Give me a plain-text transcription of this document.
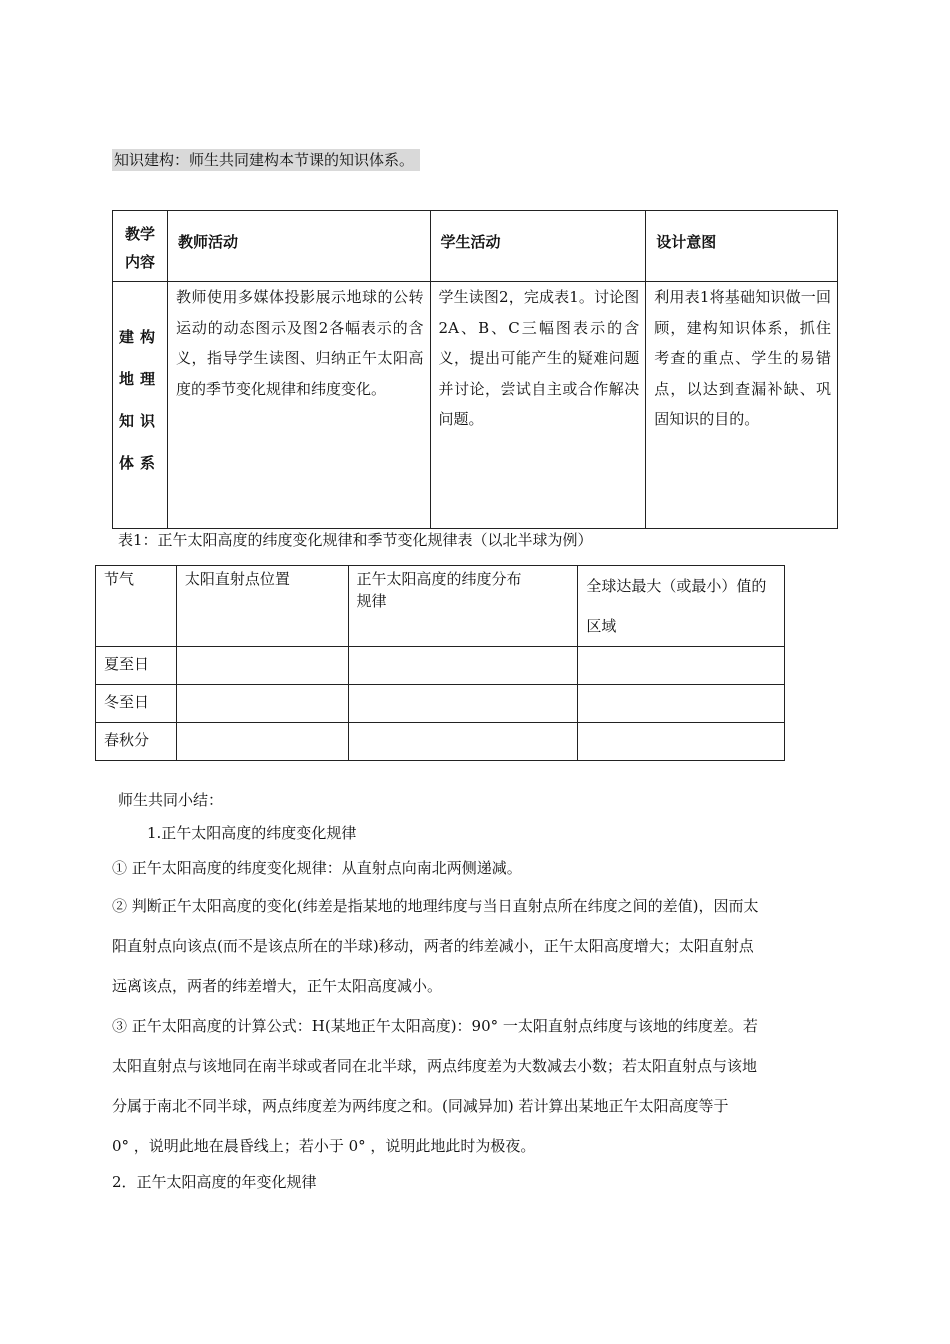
知识建构：师生共同建构本节课的知识体系。
教学内容	教师活动	学生活动	设计意图

建构
地理
知识
体系	教师使用多媒体投影展示地球的公转运动的动态图示及图2各幅表示的含义，指导学生读图、归纳正午太阳高度的季节变化规律和纬度变化。	学生读图2，完成表1。讨论图2A、B、C三幅图表示的含义，提出可能产生的疑难问题并讨论，尝试自主或合作解决问题。	利用表1将基础知识做一回顾，建构知识体系，抓住考查的重点、学生的易错点，以达到查漏补缺、巩固知识的目的。
表1：正午太阳高度的纬度变化规律和季节变化规律表（以北半球为例）
节气	太阳直射点位置	正午太阳高度的纬度分布规律	全球达最大（或最小）值的区域
夏至日			
冬至日			
春秋分			
师生共同小结：
1.正午太阳高度的纬度变化规律
① 正午太阳高度的纬度变化规律：从直射点向南北两侧递减。
② 判断正午太阳高度的变化(纬差是指某地的地理纬度与当日直射点所在纬度之间的差值)，因而太
阳直射点向该点(而不是该点所在的半球)移动，两者的纬差减小，正午太阳高度增大；太阳直射点
远离该点，两者的纬差增大，正午太阳高度减小。
③ 正午太阳高度的计算公式：H(某地正午太阳高度)：90° 一太阳直射点纬度与该地的纬度差。若
太阳直射点与该地同在南半球或者同在北半球，两点纬度差为大数减去小数；若太阳直射点与该地
分属于南北不同半球，两点纬度差为两纬度之和。(同减异加) 若计算出某地正午太阳高度等于
0° ，说明此地在晨昏线上；若小于 0° ，说明此地此时为极夜。
2．正午太阳高度的年变化规律
